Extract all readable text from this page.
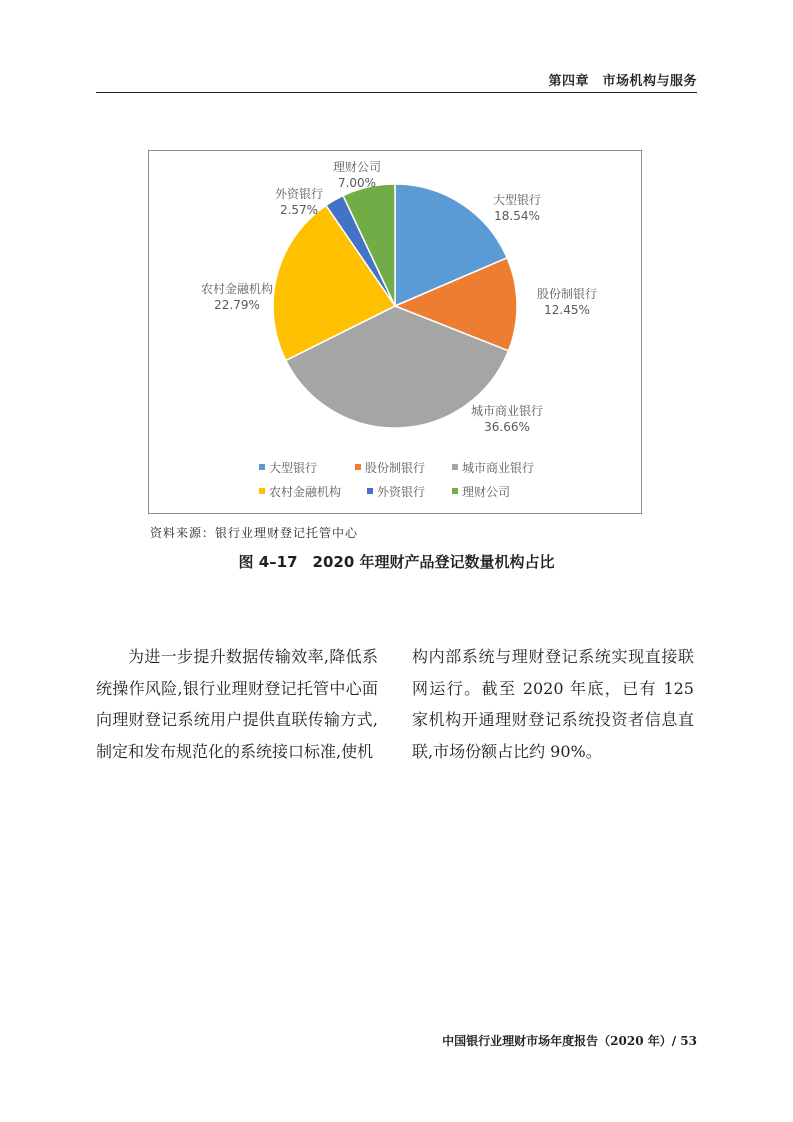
第四章　市场机构与服务
大型银行
18.54%
股份制银行
12.45%
城市商业银行
36.66%
农村金融机构
22.79%
外资银行
2.57%
理财公司
7.00%
大型银行	股份制银行	城市商业银行
农村金融机构	外资银行	理财公司
资料来源：银行业理财登记托管中心
图 4–17　2020 年理财产品登记数量机构占比
为进一步提升数据传输效率,降低系统操作风险,银行业理财登记托管中心面向理财登记系统用户提供直联传输方式,制定和发布规范化的系统接口标准,使机
构内部系统与理财登记系统实现直接联网运行。截至 2020 年底，已有 125 家机构开通理财登记系统投资者信息直联,市场份额占比约 90%。
中国银行业理财市场年度报告（2020 年）/ 53
